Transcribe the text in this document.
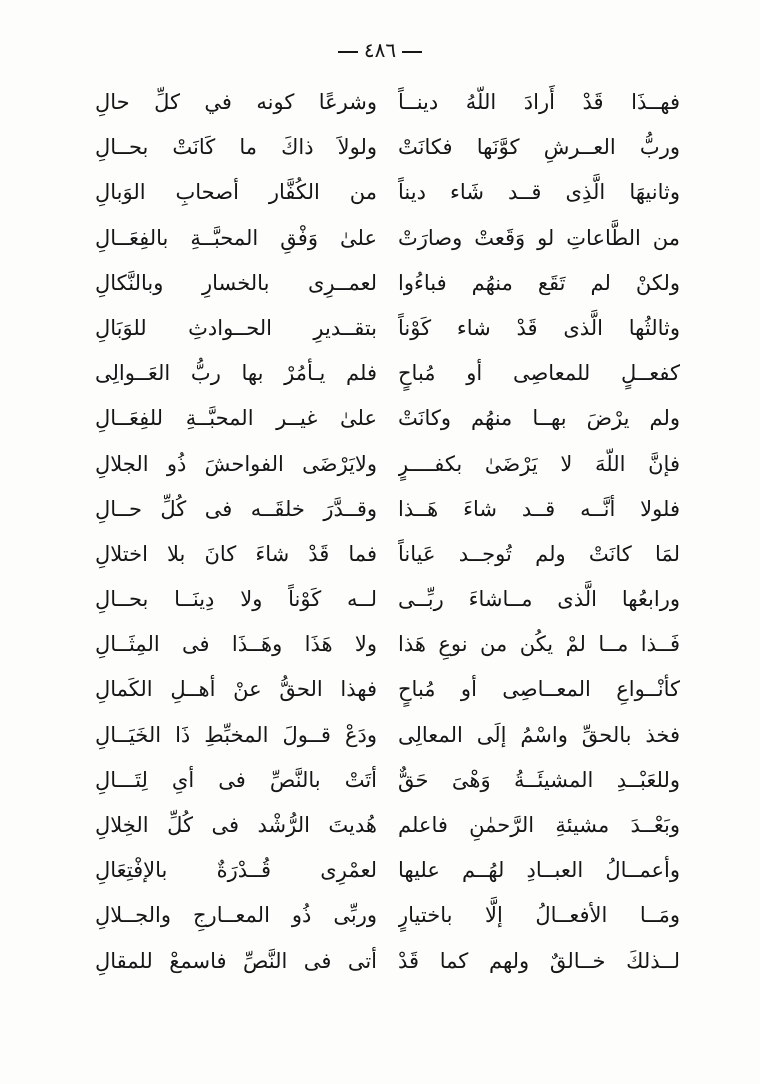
٤٨٦
فهــذَا قَدْ أَرادَ اللّهُ دينــاً
وشرعًا كونه في كلِّ حالِ
وربُّ العــرشِ كوَّنَها فكانَتْ
ولولاَ ذاكَ ما كَانَتْ بحــالِ
وثانيهَا الَّذِى قــد شَاء ديناً
من الكُفَّار أصحابِ الوَبالِ
من الطَّاعاتِ لو وَقَعتْ وصارَتْ
علىٰ وَفْقِ المحبَّــةِ بالفِعَــالِ
ولكنْ لم تَقَع منهُم فباءُوا
لعمــرِى بالخسارِ وبالنَّكالِ
وثالثُها الَّذى قَدْ شاء كَوْناً
بتقــديرِ الحــوادثِ للوَبَالِ
كفعــلٍ للمعاصِى أو مُباحٍ
فلم يـأمُرْ بها ربُّ العَــوالِى
ولم يرْضَ بهــا منهُم وكانَتْ
علىٰ غيــر المحبَّــةِ للفِعَــالِ
فإنَّ اللّهَ لا يَرْضَىٰ بكفــــرٍ
ولايَرْضَى الفواحشَ ذُو الجلالِ
فلولا أنَّــه قــد شاءَ هَــذا
وقــدَّرَ خلقَــه فى كُلِّ حــالِ
لمَا كانَتْ ولم تُوجــد عَياناً
فما قَدْ شاءَ كانَ بلا اختلالِ
ورابعُها الَّذى مــاشاءَ ربِّــى
لــه كَوْناً ولا دِينَــا بحــالِ
فَــذا مــا لمْ يكُن من نوعِ هَذا
ولا هَذَا وهَــذَا فى المِثَــالِ
كأنْــواعِ المعــاصِى أو مُباحٍ
فهذا الحقُّ عنْ أهــلِ الكَمالِ
فخذ بالحقِّ واسْمُ إلَى المعالِى
ودَعْ قــولَ المخبِّطِ ذَا الخَيَــالِ
وللعَبْــدِ المشيئَــةُ وَهْىَ حَقٌّ
أتَتْ بالنَّصِّ فى أىِ لِتَـــالِ
وبَعْــدَ مشيئةِ الرَّحمٰنِ فاعلم
هُديتَ الرُّشْد فى كُلِّ الخِلالِ
وأعمــالُ العبــادِ لهُــم عليها
لعمْرِى قُــدْرَةٌ بالإفْتِعَالِ
ومَــا الأفعــالُ إلَّا باختيارٍ
وربِّى ذُو المعــارجِ والجــلالِ
لــذلكَ خــالقٌ ولهم كما قَدْ
أتى فى النَّصِّ فاسمعْ للمقالِ
